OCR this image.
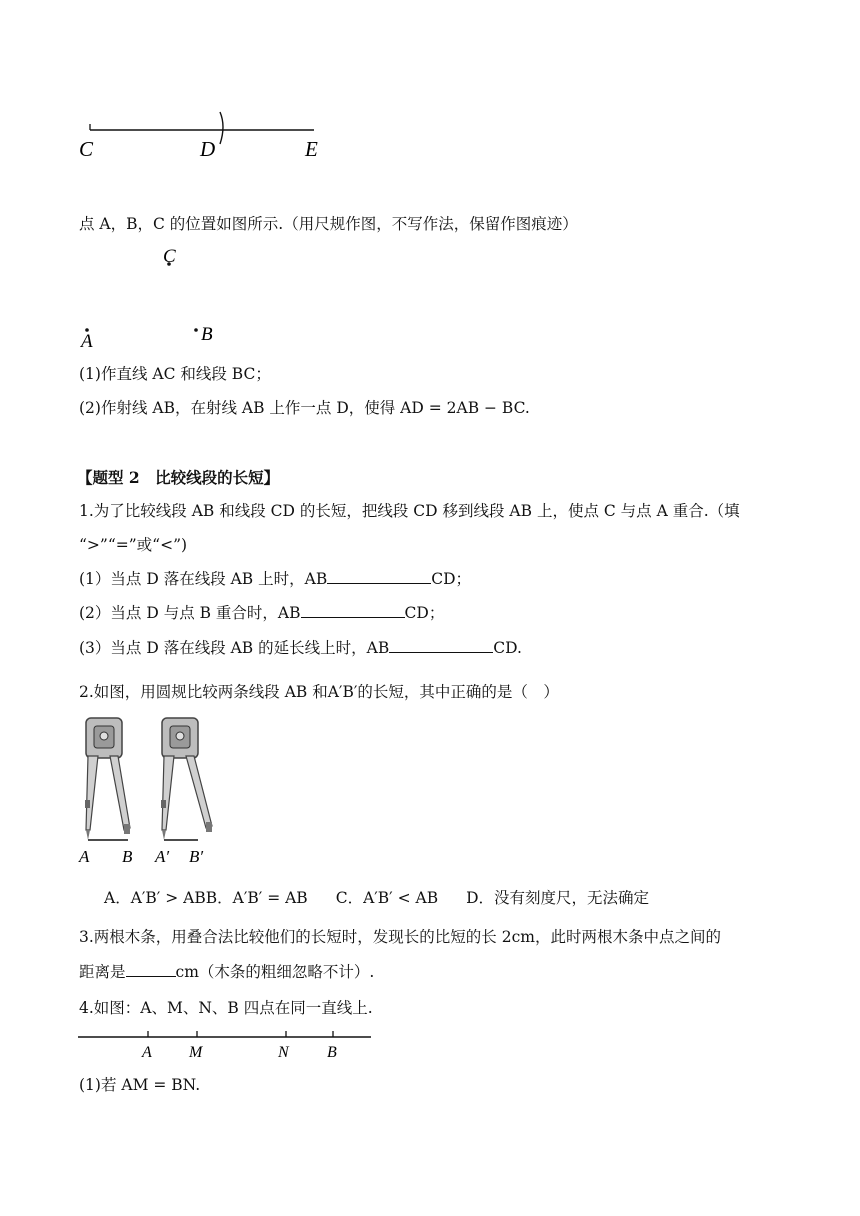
C	D	E
点 A，B，C 的位置如图所示.（用尺规作图，不写作法，保留作图痕迹）
C
A	B
(1)作直线 AC 和线段 BC；
(2)作射线 AB，在射线 AB 上作一点 D，使得 AD = 2AB − BC.
【题型 2　比较线段的长短】
1.为了比较线段 AB 和线段 CD 的长短，把线段 CD 移到线段 AB 上，使点 C 与点 A 重合.（填
“>”“=”或“<”)
(1）当点 D 落在线段 AB 上时，AB	CD；
(2）当点 D 与点 B 重合时，AB	CD；
(3）当点 D 落在线段 AB 的延长线上时，AB	CD.
2.如图，用圆规比较两条线段 AB 和A′B′的长短，其中正确的是（　）
A B A′ B′
A．A′B′ > ABB．A′B′ = AB C．A′B′ < AB D．没有刻度尺，无法确定
3.两根木条，用叠合法比较他们的长短时，发现长的比短的长 2cm，此时两根木条中点之间的
距离是	cm（木条的粗细忽略不计）.
4.如图：A、M、N、B 四点在同一直线上.
A M	N B
(1)若 AM = BN.
